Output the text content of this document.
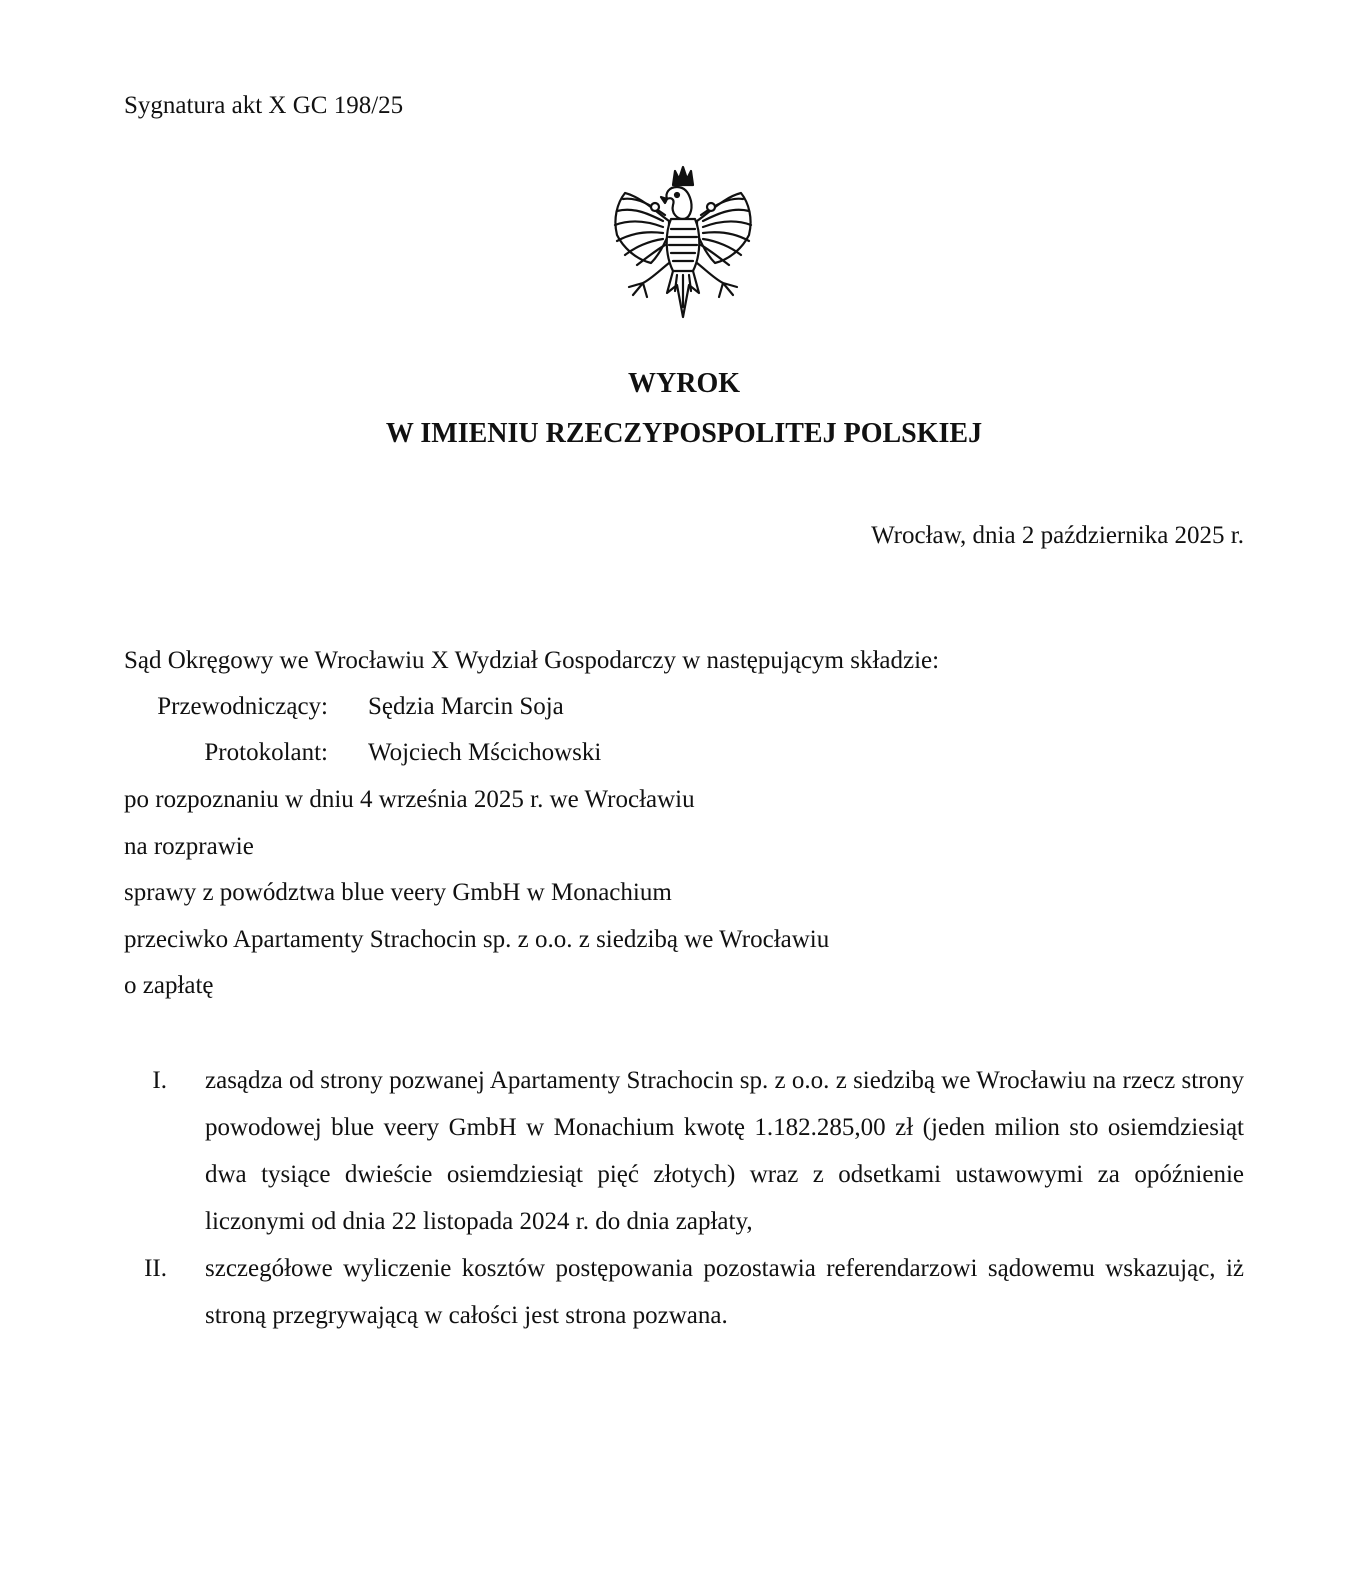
Sygnatura akt X GC 198/25
WYROK
W IMIENIU RZECZYPOSPOLITEJ POLSKIEJ
Wrocław, dnia 2 października 2025 r.
Sąd Okręgowy we Wrocławiu X Wydział Gospodarczy w następującym składzie:
Przewodniczący: Sędzia Marcin Soja
Protokolant: Wojciech Mścichowski
po rozpoznaniu w dniu 4 września 2025 r. we Wrocławiu
na rozprawie
sprawy z powództwa blue veery GmbH w Monachium
przeciwko Apartamenty Strachocin sp. z o.o. z siedzibą we Wrocławiu
o zapłatę
I.	zasądza od strony pozwanej Apartamenty Strachocin sp. z o.o. z siedzibą we Wrocławiu na rzecz strony powodowej blue veery GmbH w Monachium kwotę 1.182.285,00 zł (jeden milion sto osiemdziesiąt dwa tysiące dwieście osiemdziesiąt pięć złotych) wraz z odsetkami ustawowymi za opóźnienie liczonymi od dnia 22 listopada 2024 r. do dnia zapłaty,
II.	szczegółowe wyliczenie kosztów postępowania pozostawia referendarzowi sądowemu wskazując, iż stroną przegrywającą w całości jest strona pozwana.
